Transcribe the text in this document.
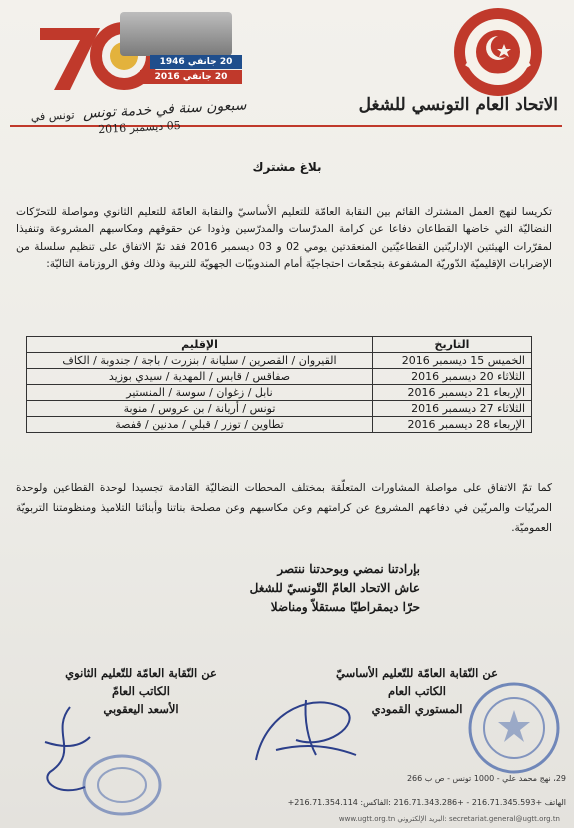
الاتحاد العام التونسي للشغل
20 جانفي 1946
20 جانفي 2016
سبعون سنة في خدمة تونس تونس في 05 ديسمبر 2016
بلاغ مشترك

تكريسا لنهج العمل المشترك القائم بين النقابة العامّة للتعليم الأساسيّ والنقابة العامّة للتعليم الثانوي ومواصلة للتحرّكات النضاليّة التي خاضها القطاعان دفاعا عن كرامة المدرّسات والمدرّسين وذودا عن حقوقهم ومكاسبهم المشروعة وتنفيذا لمقرّرات الهيئتين الإداريّتين القطاعيّتين المنعقدتين يومي 02 و 03 ديسمبر 2016 فقد تمّ الاتفاق على تنظيم سلسلة من الإضرابات الإقليميّة الدّوريّة المشفوعة بتجمّعات احتجاجيّة أمام المندوبيّات الجهويّة للتربية وذلك وفق الروزنامة التاليّة:

التاريخ	الإقليم
الخميس 15 ديسمبر 2016	القيروان / القصرين / سليانة / بنزرت / باجة / جندوبة / الكاف
الثلاثاء 20 ديسمبر 2016	صفاقس / قابس / المهدية / سيدي بوزيد
الإربعاء 21 ديسمبر 2016	نابل / زغوان / سوسة / المنستير
الثلاثاء 27 ديسمبر 2016	تونس / أريانة / بن عروس / منوبة
الإربعاء 28 ديسمبر 2016	تطاوين / توزر / قبلي / مدنين / قفصة
كما تمّ الاتفاق على مواصلة المشاورات المتعلّقة بمختلف المحطات النضاليّة القادمة تجسيدا لوحدة القطاعين ولوحدة المربّيات والمربّين في دفاعهم المشروع عن كرامتهم وعن مكاسبهم وعن مصلحة بناتنا وأبنائنا التلاميذ ومنظومتنا التربويّة العموميّة.
بإرادتنا نمضي وبوحدتنا ننتصر
عاش الاتحاد العامّ التّونسيّ للشغل
حرّا ديمقراطيّا مستقلاّ ومناضلا
عن النّقابة العامّة للتّعليم الأساسيّ
الكاتب العام
المستوري القمودي
عن النّقابة العامّة للتّعليم الثانوي
الكاتب العامّ
الأسعد اليعقوبي
29، نهج محمد علي - 1000 تونس - ص ب 266
+216.71.354.114 :الهاتف +216.71.345.593 - +216.71.343.286 :الفاكس
www.ugtt.org.tn البريد الإلكتروني: secretariat.general@ugtt.org.tn
